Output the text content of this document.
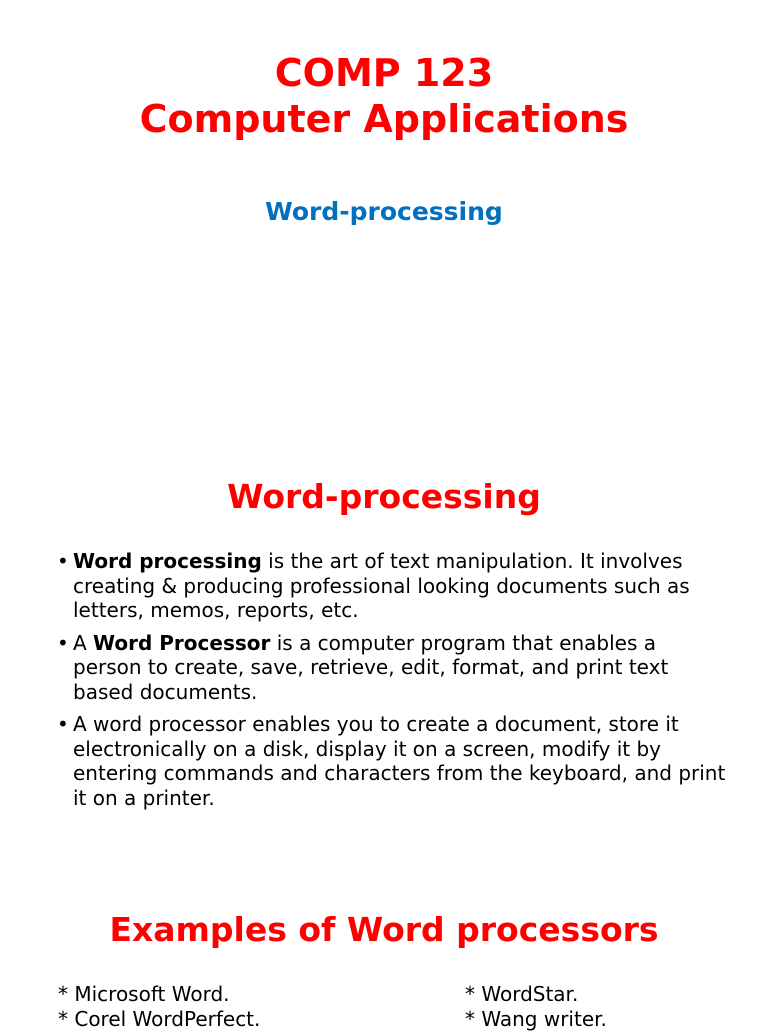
COMP 123
Computer Applications
Word-processing
Word-processing
• Word processing is the art of text manipulation. It involves creating & producing professional looking documents such as letters, memos, reports, etc.
• A Word Processor is a computer program that enables a person to create, save, retrieve, edit, format, and print text based documents.
• A word processor enables you to create a document, store it electronically on a disk, display it on a screen, modify it by entering commands and characters from the keyboard, and print it on a printer.
Examples of Word processors
* Microsoft Word.
* Corel WordPerfect.
* WordStar.
* Wang writer.
